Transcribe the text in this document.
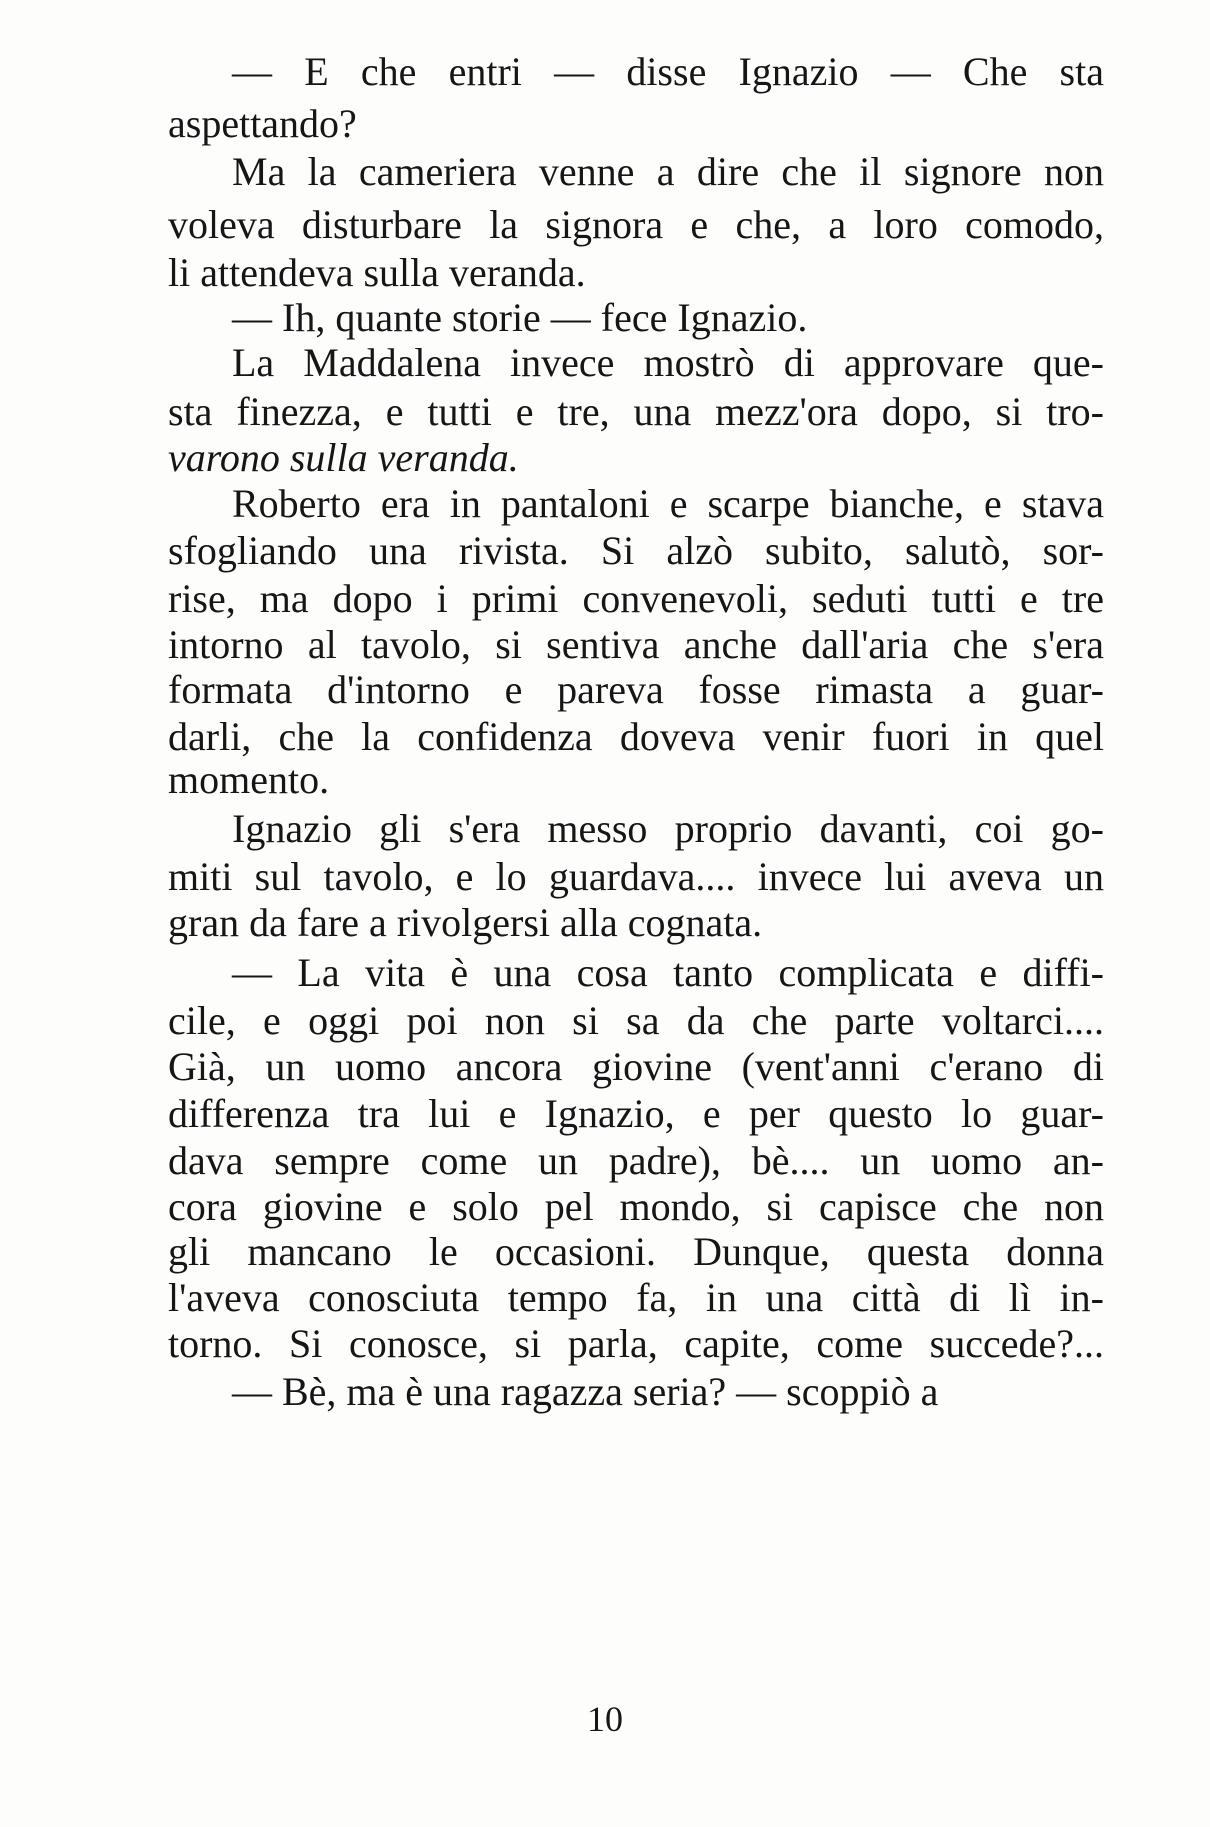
— E che entri — disse Ignazio — Che sta
aspettando?
Ma la cameriera venne a dire che il signore non
voleva disturbare la signora e che, a loro comodo,
li attendeva sulla veranda.
— Ih, quante storie — fece Ignazio.
La Maddalena invece mostrò di approvare que-
sta finezza, e tutti e tre, una mezz'ora dopo, si tro-
varono sulla veranda.
Roberto era in pantaloni e scarpe bianche, e stava
sfogliando una rivista. Si alzò subito, salutò, sor-
rise, ma dopo i primi convenevoli, seduti tutti e tre
intorno al tavolo, si sentiva anche dall'aria che s'era
formata d'intorno e pareva fosse rimasta a guar-
darli, che la confidenza doveva venir fuori in quel
momento.
Ignazio gli s'era messo proprio davanti, coi go-
miti sul tavolo, e lo guardava.... invece lui aveva un
gran da fare a rivolgersi alla cognata.
— La vita è una cosa tanto complicata e diffi-
cile, e oggi poi non si sa da che parte voltarci....
Già, un uomo ancora giovine (vent'anni c'erano di
differenza tra lui e Ignazio, e per questo lo guar-
dava sempre come un padre), bè.... un uomo an-
cora giovine e solo pel mondo, si capisce che non
gli mancano le occasioni. Dunque, questa donna
l'aveva conosciuta tempo fa, in una città di lì in-
torno. Si conosce, si parla, capite, come succede?...
— Bè, ma è una ragazza seria? — scoppiò a
10
